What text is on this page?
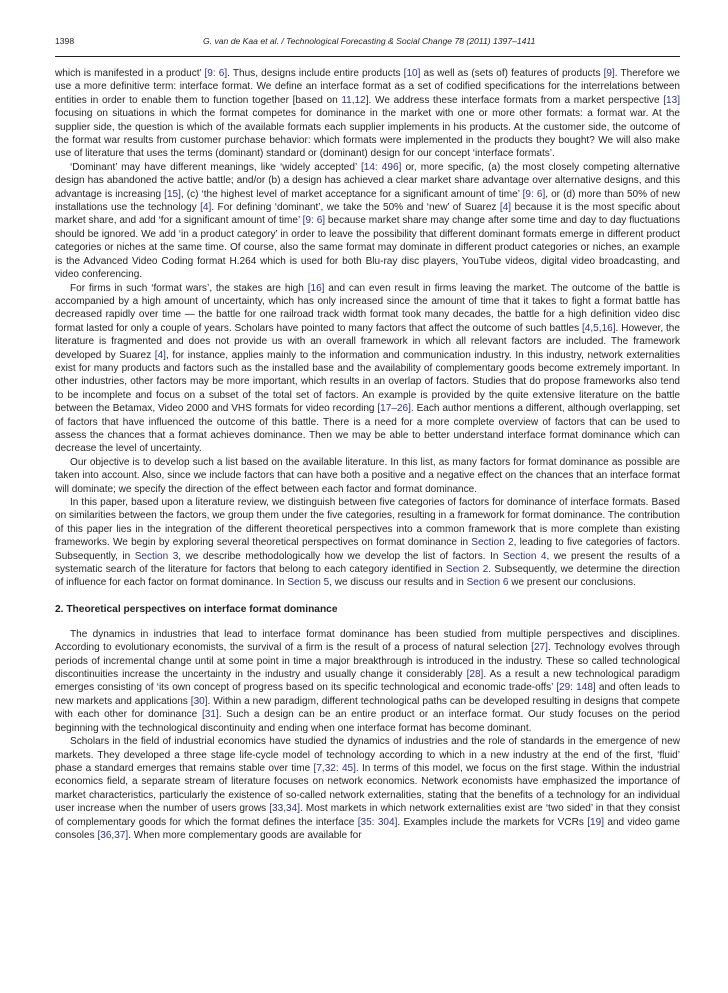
1398	G. van de Kaa et al. / Technological Forecasting & Social Change 78 (2011) 1397–1411

which is manifested in a product’ [9: 6]. Thus, designs include entire products [10] as well as (sets of) features of products [9]. Therefore we use a more definitive term: interface format. We define an interface format as a set of codified specifications for the interrelations between entities in order to enable them to function together [based on 11,12]. We address these interface formats from a market perspective [13] focusing on situations in which the format competes for dominance in the market with one or more other formats: a format war. At the supplier side, the question is which of the available formats each supplier implements in his products. At the customer side, the outcome of the format war results from customer purchase behavior: which formats were implemented in the products they bought? We will also make use of literature that uses the terms (dominant) standard or (dominant) design for our concept ‘interface formats’.

‘Dominant’ may have different meanings, like ‘widely accepted’ [14: 496] or, more specific, (a) the most closely competing alternative design has abandoned the active battle; and/or (b) a design has achieved a clear market share advantage over alternative designs, and this advantage is increasing [15], (c) ‘the highest level of market acceptance for a significant amount of time’ [9: 6], or (d) more than 50% of new installations use the technology [4]. For defining ‘dominant’, we take the 50% and ‘new’ of Suarez [4] because it is the most specific about market share, and add ‘for a significant amount of time’ [9: 6] because market share may change after some time and day to day fluctuations should be ignored. We add ‘in a product category’ in order to leave the possibility that different dominant formats emerge in different product categories or niches at the same time. Of course, also the same format may dominate in different product categories or niches, an example is the Advanced Video Coding format H.264 which is used for both Blu-ray disc players, YouTube videos, digital video broadcasting, and video conferencing.

For firms in such ‘format wars’, the stakes are high [16] and can even result in firms leaving the market. The outcome of the battle is accompanied by a high amount of uncertainty, which has only increased since the amount of time that it takes to fight a format battle has decreased rapidly over time — the battle for one railroad track width format took many decades, the battle for a high definition video disc format lasted for only a couple of years. Scholars have pointed to many factors that affect the outcome of such battles [4,5,16]. However, the literature is fragmented and does not provide us with an overall framework in which all relevant factors are included. The framework developed by Suarez [4], for instance, applies mainly to the information and communication industry. In this industry, network externalities exist for many products and factors such as the installed base and the availability of complementary goods become extremely important. In other industries, other factors may be more important, which results in an overlap of factors. Studies that do propose frameworks also tend to be incomplete and focus on a subset of the total set of factors. An example is provided by the quite extensive literature on the battle between the Betamax, Video 2000 and VHS formats for video recording [17–26]. Each author mentions a different, although overlapping, set of factors that have influenced the outcome of this battle. There is a need for a more complete overview of factors that can be used to assess the chances that a format achieves dominance. Then we may be able to better understand interface format dominance which can decrease the level of uncertainty.

Our objective is to develop such a list based on the available literature. In this list, as many factors for format dominance as possible are taken into account. Also, since we include factors that can have both a positive and a negative effect on the chances that an interface format will dominate; we specify the direction of the effect between each factor and format dominance.

In this paper, based upon a literature review, we distinguish between five categories of factors for dominance of interface formats. Based on similarities between the factors, we group them under the five categories, resulting in a framework for format dominance. The contribution of this paper lies in the integration of the different theoretical perspectives into a common framework that is more complete than existing frameworks. We begin by exploring several theoretical perspectives on format dominance in Section 2, leading to five categories of factors. Subsequently, in Section 3, we describe methodologically how we develop the list of factors. In Section 4, we present the results of a systematic search of the literature for factors that belong to each category identified in Section 2. Subsequently, we determine the direction of influence for each factor on format dominance. In Section 5, we discuss our results and in Section 6 we present our conclusions.

2. Theoretical perspectives on interface format dominance

The dynamics in industries that lead to interface format dominance has been studied from multiple perspectives and disciplines. According to evolutionary economists, the survival of a firm is the result of a process of natural selection [27]. Technology evolves through periods of incremental change until at some point in time a major breakthrough is introduced in the industry. These so called technological discontinuities increase the uncertainty in the industry and usually change it considerably [28]. As a result a new technological paradigm emerges consisting of ‘its own concept of progress based on its specific technological and economic trade-offs’ [29: 148] and often leads to new markets and applications [30]. Within a new paradigm, different technological paths can be developed resulting in designs that compete with each other for dominance [31]. Such a design can be an entire product or an interface format. Our study focuses on the period beginning with the technological discontinuity and ending when one interface format has become dominant.

Scholars in the field of industrial economics have studied the dynamics of industries and the role of standards in the emergence of new markets. They developed a three stage life-cycle model of technology according to which in a new industry at the end of the first, ‘fluid’ phase a standard emerges that remains stable over time [7,32: 45]. In terms of this model, we focus on the first stage. Within the industrial economics field, a separate stream of literature focuses on network economics. Network economists have emphasized the importance of market characteristics, particularly the existence of so-called network externalities, stating that the benefits of a technology for an individual user increase when the number of users grows [33,34]. Most markets in which network externalities exist are ‘two sided’ in that they consist of complementary goods for which the format defines the interface [35: 304]. Examples include the markets for VCRs [19] and video game consoles [36,37]. When more complementary goods are available for
